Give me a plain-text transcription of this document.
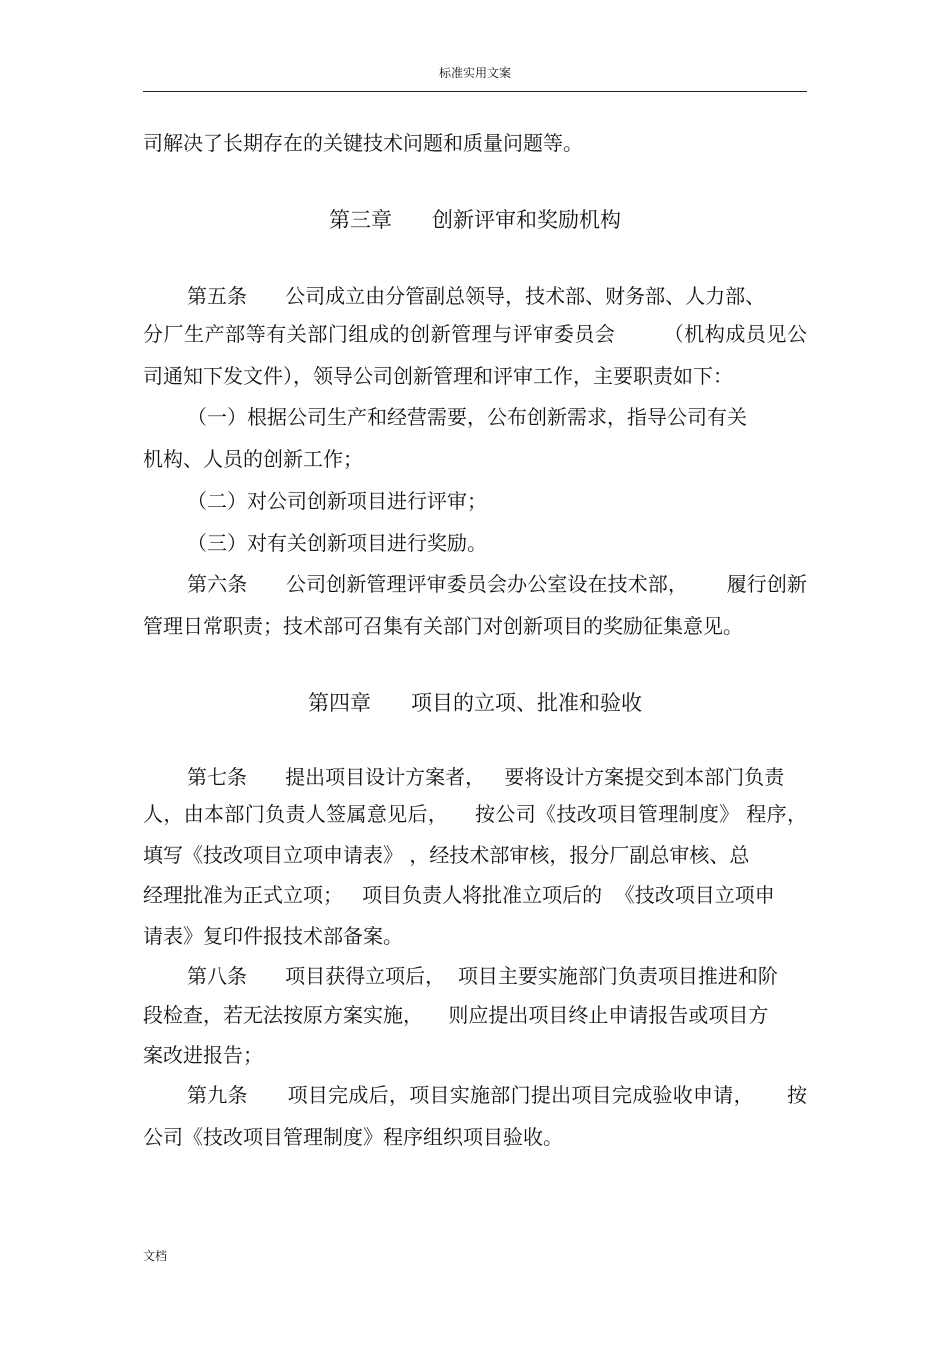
标准实用文案
司解决了长期存在的关键技术问题和质量问题等。
第三章      创新评审和奖励机构
第五条      公司成立由分管副总领导，技术部、财务部、人力部、
分厂生产部等有关部门组成的创新管理与评审委员会       （机构成员见公
司通知下发文件），领导公司创新管理和评审工作，主要职责如下：
（一）根据公司生产和经营需要，公布创新需求，指导公司有关
机构、人员的创新工作；
（二）对公司创新项目进行评审；
（三）对有关创新项目进行奖励。
第六条      公司创新管理评审委员会办公室设在技术部，      履行创新
管理日常职责；技术部可召集有关部门对创新项目的奖励征集意见。
第四章      项目的立项、批准和验收
第七条      提出项目设计方案者，   要将设计方案提交到本部门负责
人，由本部门负责人签属意见后，    按公司《技改项目管理制度》 程序，
填写《技改项目立项申请表》 ，经技术部审核，报分厂副总审核、总
经理批准为正式立项；   项目负责人将批准立项后的  《技改项目立项申
请表》复印件报技术部备案。
第八条      项目获得立项后，  项目主要实施部门负责项目推进和阶
段检查，若无法按原方案实施，    则应提出项目终止申请报告或项目方
案改进报告；
第九条      项目完成后，项目实施部门提出项目完成验收申请，     按
公司《技改项目管理制度》程序组织项目验收。
文档
